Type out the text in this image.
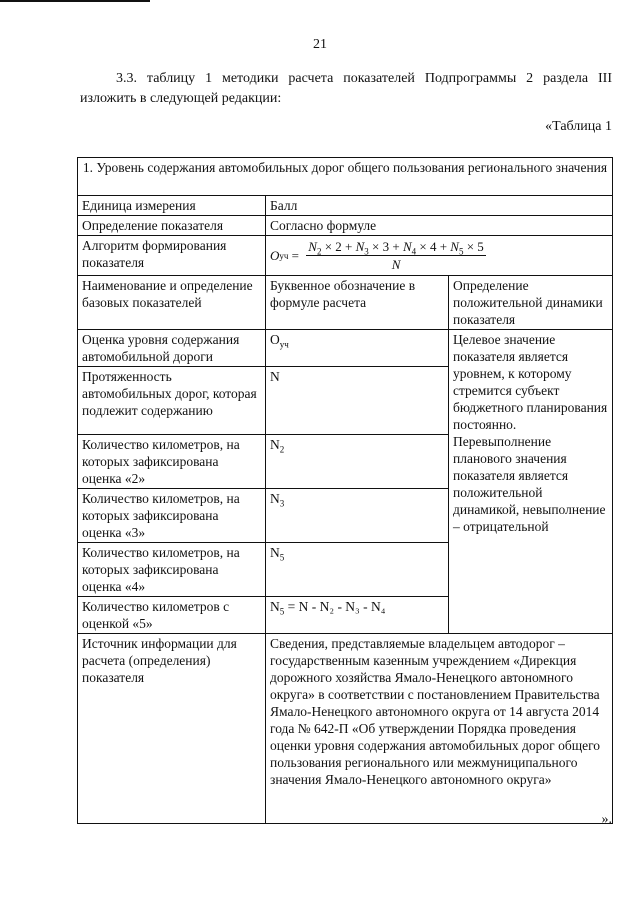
21

3.3. таблицу 1 методики расчета показателей Подпрограммы 2 раздела III изложить в следующей редакции:

«Таблица 1
1. Уровень содержания автомобильных дорог общего пользования регионального значения		
Единица измерения	Балл	
Определение показателя	Согласно формуле	
Алгоритм формирования показателя	O уч = $\frac{N_2 \times 2 + N_3 \times 3 + N_4 \times 4 + N_5 \times 5}{N}$

Наименование и определение базовых показателей	Буквенное обозначение в формуле расчета	Определение положительной динамики показателя
Оценка уровня содержания автомобильной дороги	$O_{уч}$	Целевое значение показателя является уровнем, к которому стремится субъект бюджетного планирования постоянно. Перевыполнение планового значения показателя является положительной динамикой, невыполнение – отрицательной
Протяженность автомобильных дорог, которая подлежит содержанию	N	
Количество километров, на которых зафиксирована оценка «2»	$N_2$
Количество километров, на которых зафиксирована оценка «3»	$N_3$
Количество километров, на которых зафиксирована оценка «4»	$N_5$
Количество километров с оценкой «5»	$N_5 = N - N_2 - N_3 - N_4$	
Источник информации для расчета (определения) показателя	Сведения, представляемые владельцем автодорог – государственным казенным учреждением «Дирекция дорожного хозяйства Ямало-Ненецкого автономного округа» в соответствии с постановлением Правительства Ямало-Ненецкого автономного округа от 14 августа 2014 года № 642-П «Об утверждении Порядка проведения оценки уровня содержания автомобильных дорог общего пользования регионального или межмуниципального значения Ямало-Ненецкого автономного округа»	
».
